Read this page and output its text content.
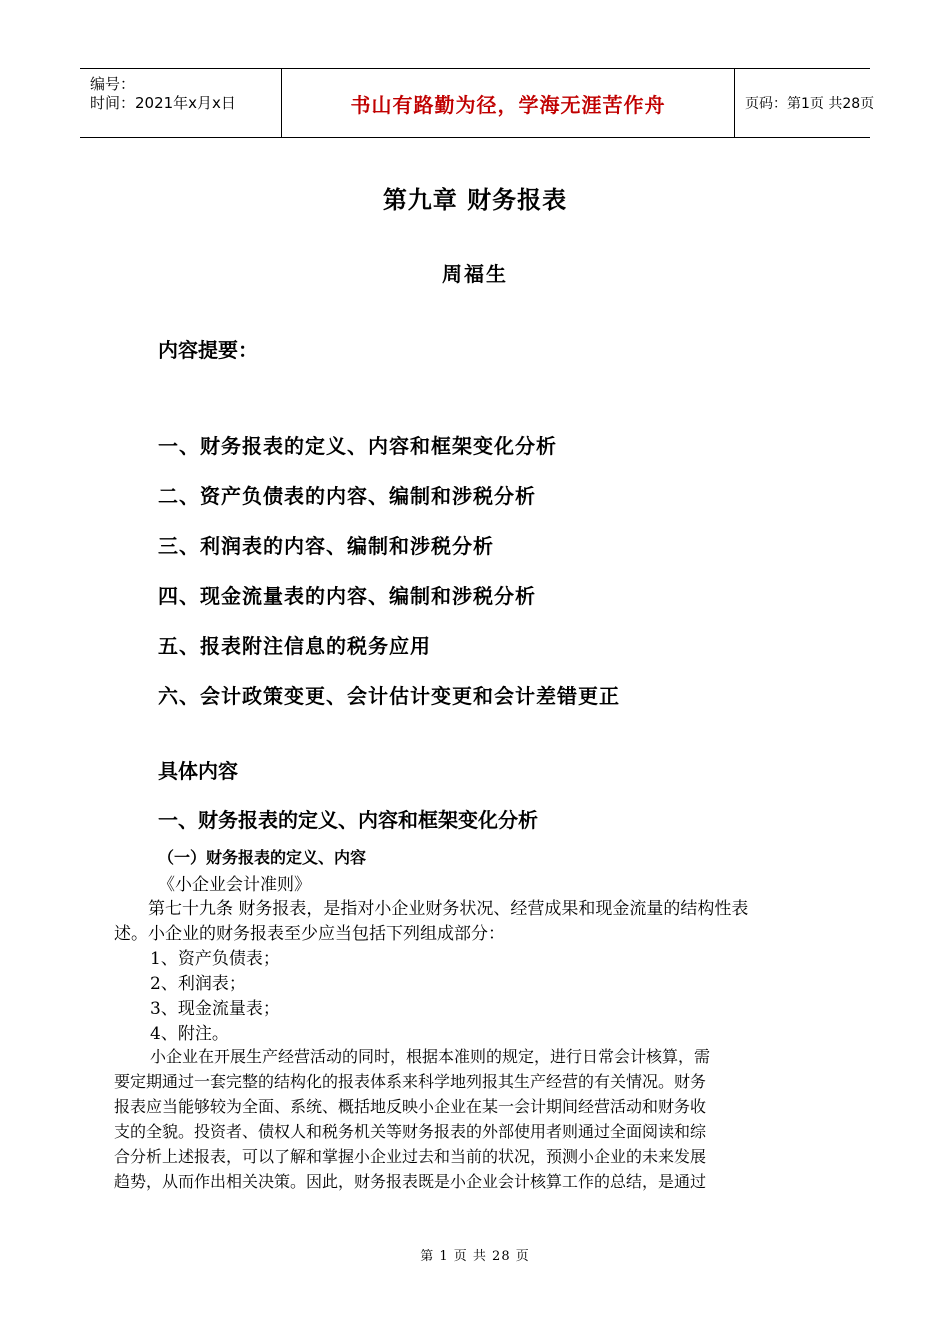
编号：
时间：2021年x月x日	书山有路勤为径，学海无涯苦作舟	页码：第1页 共28页
第九章 财务报表
周福生
内容提要：
一、财务报表的定义、内容和框架变化分析
二、资产负债表的内容、编制和涉税分析
三、利润表的内容、编制和涉税分析
四、现金流量表的内容、编制和涉税分析
五、报表附注信息的税务应用
六、会计政策变更、会计估计变更和会计差错更正
具体内容
一、财务报表的定义、内容和框架变化分析
（一）财务报表的定义、内容
《小企业会计准则》
第七十九条 财务报表，是指对小企业财务状况、经营成果和现金流量的结构性表
述。小企业的财务报表至少应当包括下列组成部分：
1、资产负债表；
2、利润表；
3、现金流量表；
4、附注。
小企业在开展生产经营活动的同时，根据本准则的规定，进行日常会计核算，需
要定期通过一套完整的结构化的报表体系来科学地列报其生产经营的有关情况。财务
报表应当能够较为全面、系统、概括地反映小企业在某一会计期间经营活动和财务收
支的全貌。投资者、债权人和税务机关等财务报表的外部使用者则通过全面阅读和综
合分析上述报表，可以了解和掌握小企业过去和当前的状况，预测小企业的未来发展
趋势，从而作出相关决策。因此，财务报表既是小企业会计核算工作的总结，是通过
第 1 页 共 28 页
